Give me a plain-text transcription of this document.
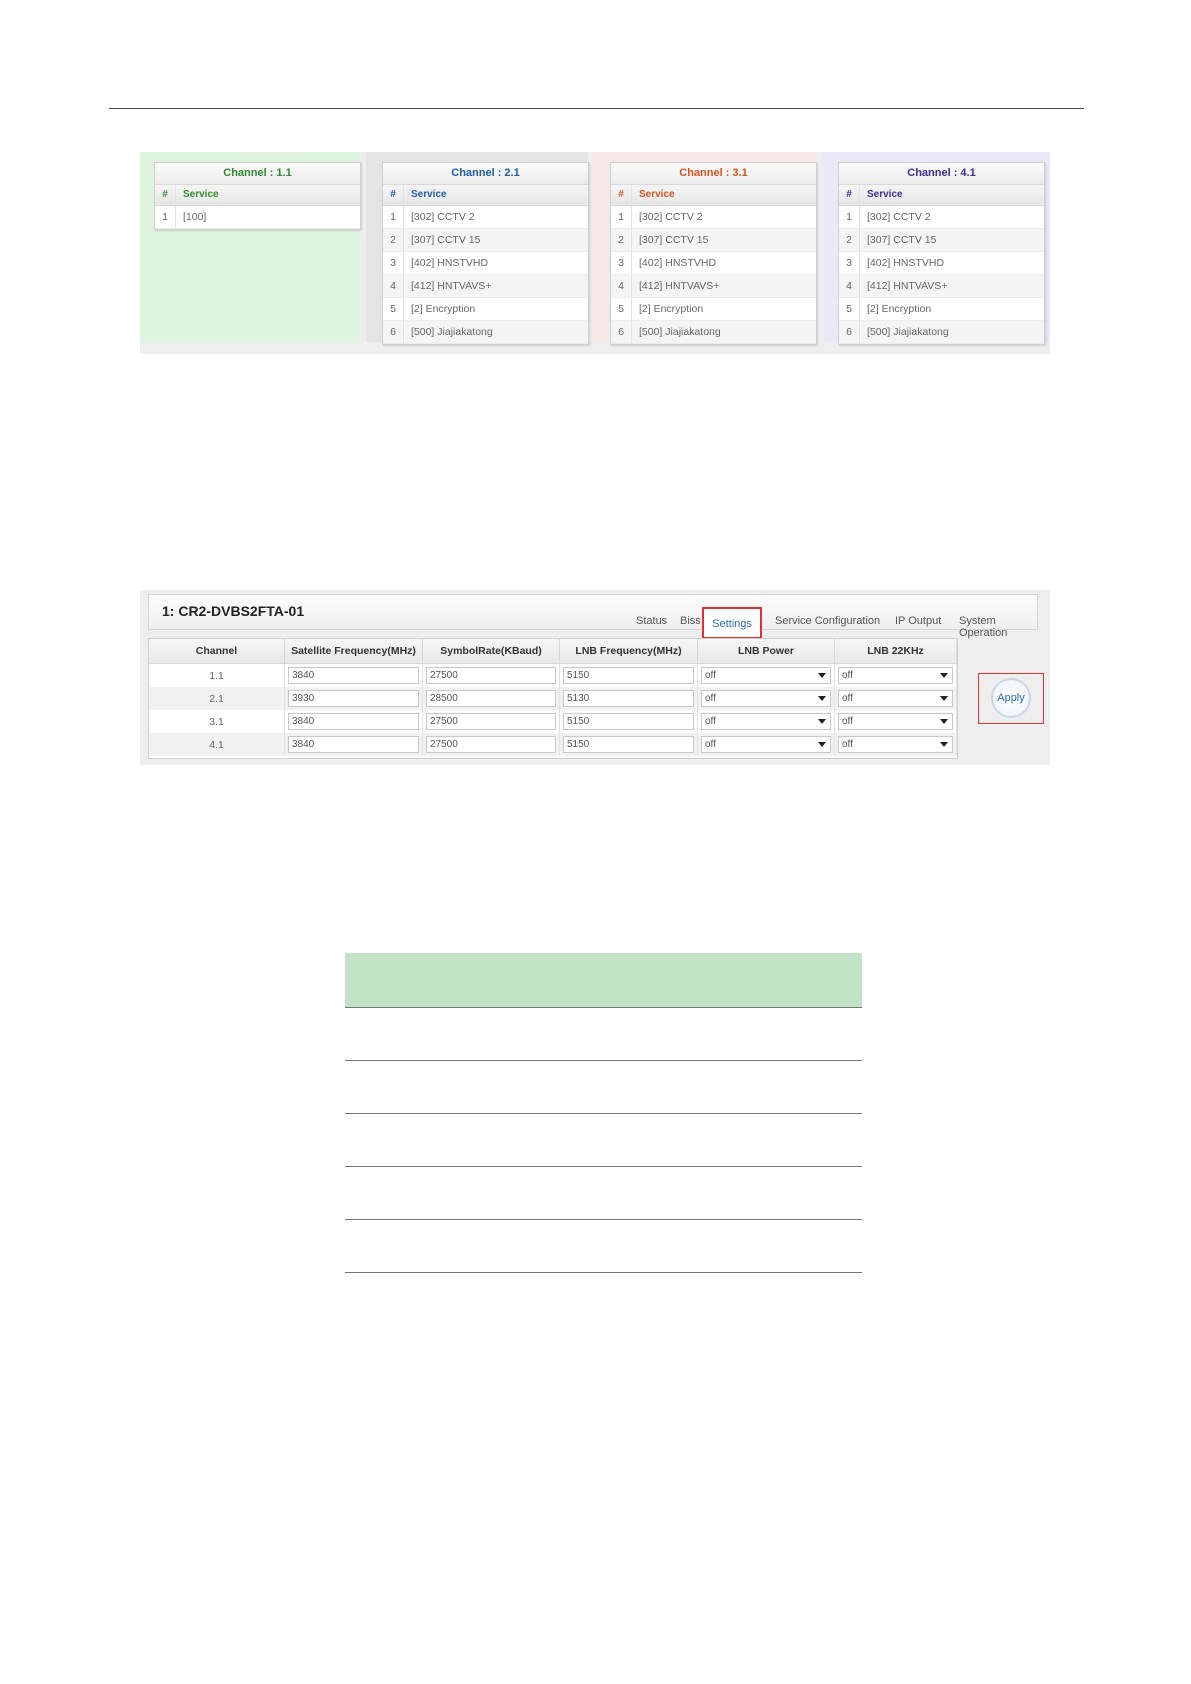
Channel : 1.1
#	Service
1	[100]
Channel : 2.1
#	Service
1	[302] CCTV 2
2	[307] CCTV 15
3	[402] HNSTVHD
4	[412] HNTVAVS+
5	[2] Encryption
6	[500] Jiajiakatong
Channel : 3.1
#	Service
1	[302] CCTV 2
2	[307] CCTV 15
3	[402] HNSTVHD
4	[412] HNTVAVS+
5	[2] Encryption
6	[500] Jiajiakatong
Channel : 4.1
#	Service
1	[302] CCTV 2
2	[307] CCTV 15
3	[402] HNSTVHD
4	[412] HNTVAVS+
5	[2] Encryption
6	[500] Jiajiakatong
1: CR2-DVBS2FTA-01
Status Biss	Settings	Service Configuration IP Output System Operation
Channel	Satellite Frequency(MHz)	SymbolRate(KBaud)	LNB Frequency(MHz)	LNB Power	LNB 22KHz
1.1	3840	27500	5150	off	off

2.1	3930	28500	5130	off	off

3.1	3840	27500	5150	off	off

4.1	3840	27500	5150	off	off
Apply
